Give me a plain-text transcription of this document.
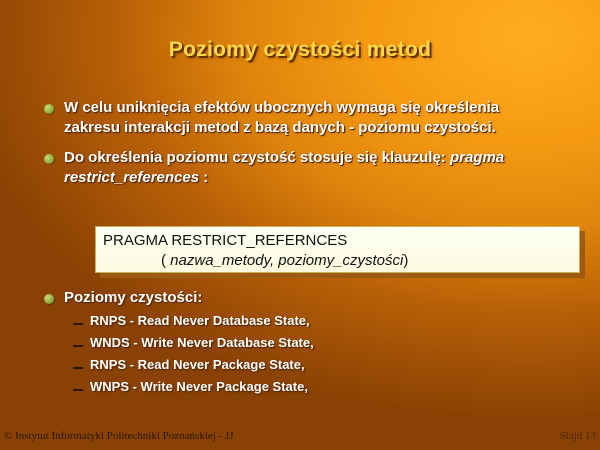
Poziomy czystości metod
W celu uniknięcia efektów ubocznych wymaga się określenia
zakresu interakcji metod z bazą danych - poziomu czystości.
Do określenia poziomu czystość stosuje się klauzulę: pragma
restrict_references :
PRAGMA RESTRICT_REFERNCES
( nazwa_metody, poziomy_czystości)
Poziomy czystości:
RNPS - Read Never Database State,
WNDS - Write Never Database State,
RNPS - Read Never Package State,
WNPS - Write Never Package State,
© Instytut Informatyki Politechniki Poznańskiej - JJ	Slajd 13
